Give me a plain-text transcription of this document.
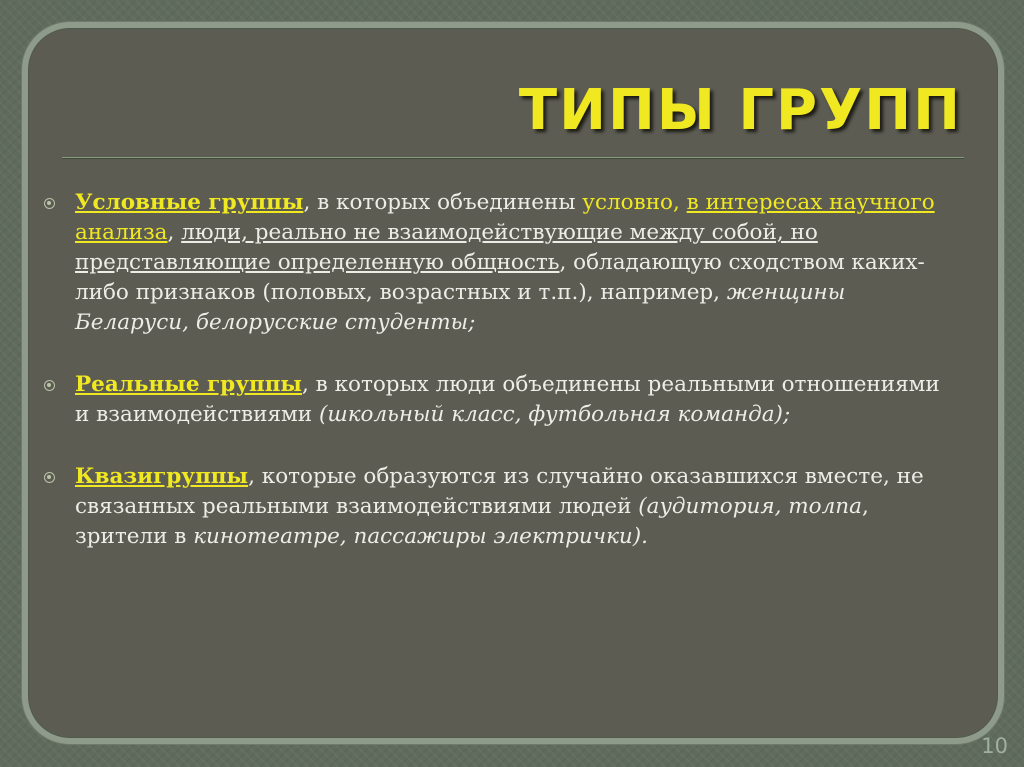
ТИПЫ ГРУПП

Условные группы, в которых объединены условно, в интересах научного анализа, люди, реально не взаимодействующие между собой, но представляющие определенную общность, обладающую сходством каких-либо признаков (половых, возрастных и т.п.), например, женщины Беларуси, белорусские студенты;

Реальные группы, в которых люди объединены реальными отношениями и взаимодействиями (школьный класс, футбольная команда);

Квазигруппы, которые образуются из случайно оказавшихся вместе, не связанных реальными взаимодействиями людей (аудитория, толпа, зрители в кинотеатре, пассажиры электрички).

10
